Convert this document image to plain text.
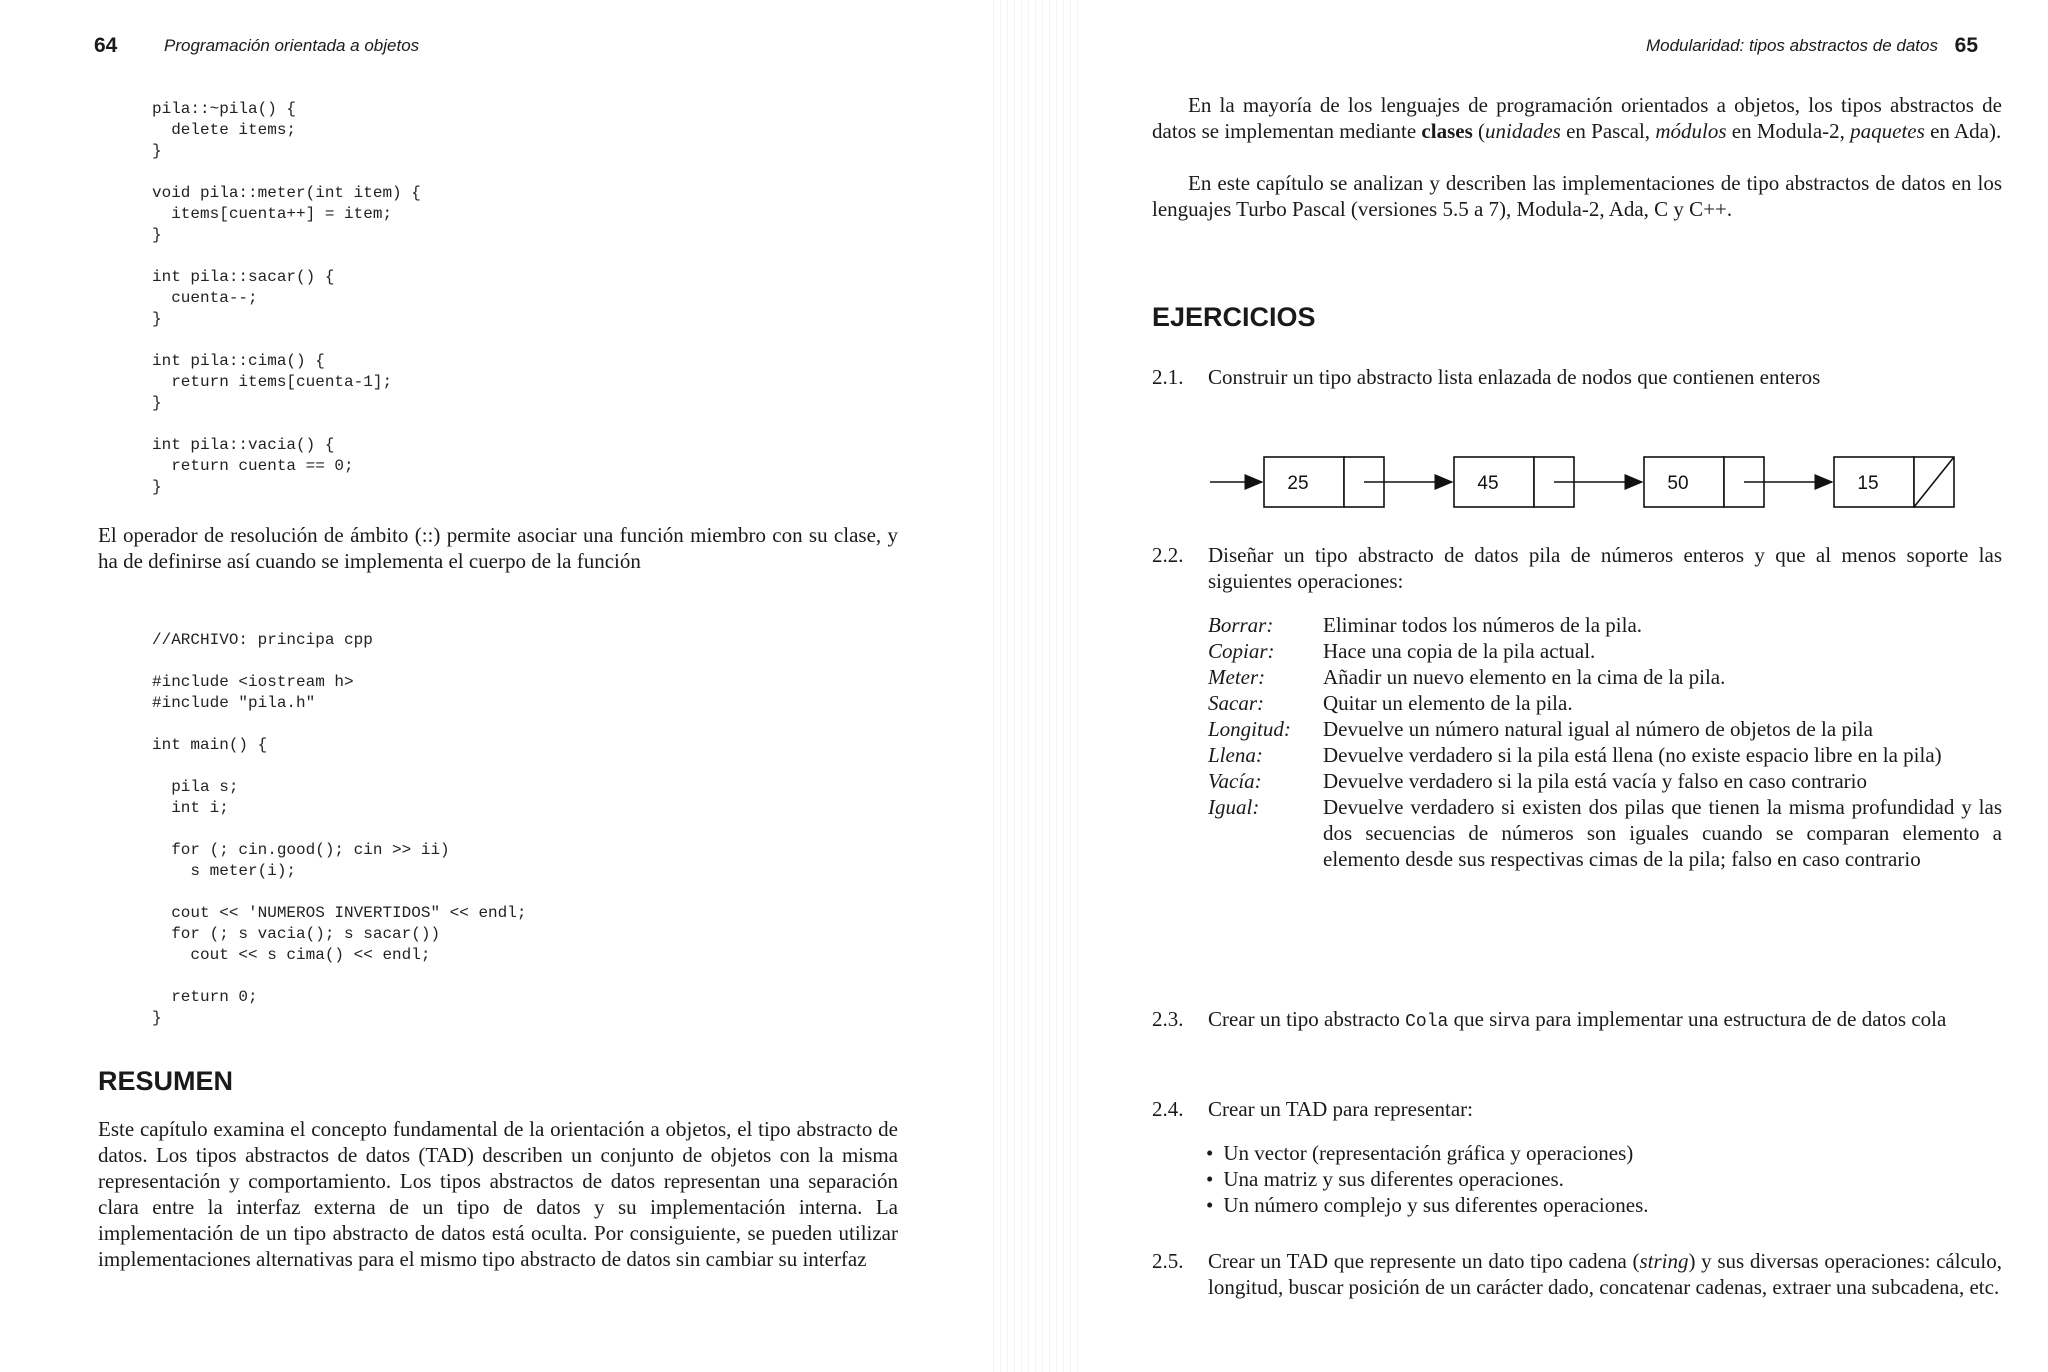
64	Programación orientada a objetos
pila::~pila() {
delete items;
}

void pila::meter(int item) {
items[cuenta++] = item;
}

int pila::sacar() {
cuenta--;
}

int pila::cima() {
return items[cuenta-1];
}

int pila::vacia() {
return cuenta == 0;
}

El operador de resolución de ámbito (::) permite asociar una función miembro con su clase, y ha de definirse así cuando se implementa el cuerpo de la función

//ARCHIVO: principa cpp

#include <iostream h>
#include "pila.h"

int main() {

pila s;
int i;

for (; cin.good(); cin >> ii)
s meter(i);

cout << 'NUMEROS INVERTIDOS" << endl;
for (; s vacia(); s sacar())
cout << s cima() << endl;

return 0;
}
RESUMEN

Este capítulo examina el concepto fundamental de la orientación a objetos, el tipo abstracto de datos. Los tipos abstractos de datos (TAD) describen un conjunto de objetos con la misma representación y comportamiento. Los tipos abstractos de datos representan una separación clara entre la interfaz externa de un tipo de datos y su implementación interna. La implementación de un tipo abstracto de datos está oculta. Por consiguiente, se pueden utilizar implementaciones alternativas para el mismo tipo abstracto de datos sin cambiar su interfaz

Modularidad: tipos abstractos de datos 65

En la mayoría de los lenguajes de programación orientados a objetos, los tipos abstractos de datos se implementan mediante clases (unidades en Pascal, módulos en Modula-2, paquetes en Ada).

En este capítulo se analizan y describen las implementaciones de tipo abstractos de datos en los lenguajes Turbo Pascal (versiones 5.5 a 7), Modula-2, Ada, C y C++.

EJERCICIOS
2.1. Construir un tipo abstracto lista enlazada de nodos que contienen enteros
25	45	50	15
2.2. Diseñar un tipo abstracto de datos pila de números enteros y que al menos soporte las siguientes operaciones:
Borrar:	Eliminar todos los números de la pila.
Copiar:	Hace una copia de la pila actual.
Meter:	Añadir un nuevo elemento en la cima de la pila.
Sacar:	Quitar un elemento de la pila.
Longitud:	Devuelve un número natural igual al número de objetos de la pila
Llena:	Devuelve verdadero si la pila está llena (no existe espacio libre en la pila)
Vacía:	Devuelve verdadero si la pila está vacía y falso en caso contrario
Igual:	Devuelve verdadero si existen dos pilas que tienen la misma profundidad y las dos secuencias de números son iguales cuando se comparan elemento a elemento desde sus respectivas cimas de la pila; falso en caso contrario
2.3. Crear un tipo abstracto Cola que sirva para implementar una estructura de de datos cola
2.4. Crear un TAD para representar:
• Un vector (representación gráfica y operaciones)
• Una matriz y sus diferentes operaciones.
• Un número complejo y sus diferentes operaciones.
2.5. Crear un TAD que represente un dato tipo cadena (string) y sus diversas operaciones: cálculo, longitud, buscar posición de un carácter dado, concatenar cadenas, extraer una subcadena, etc.
